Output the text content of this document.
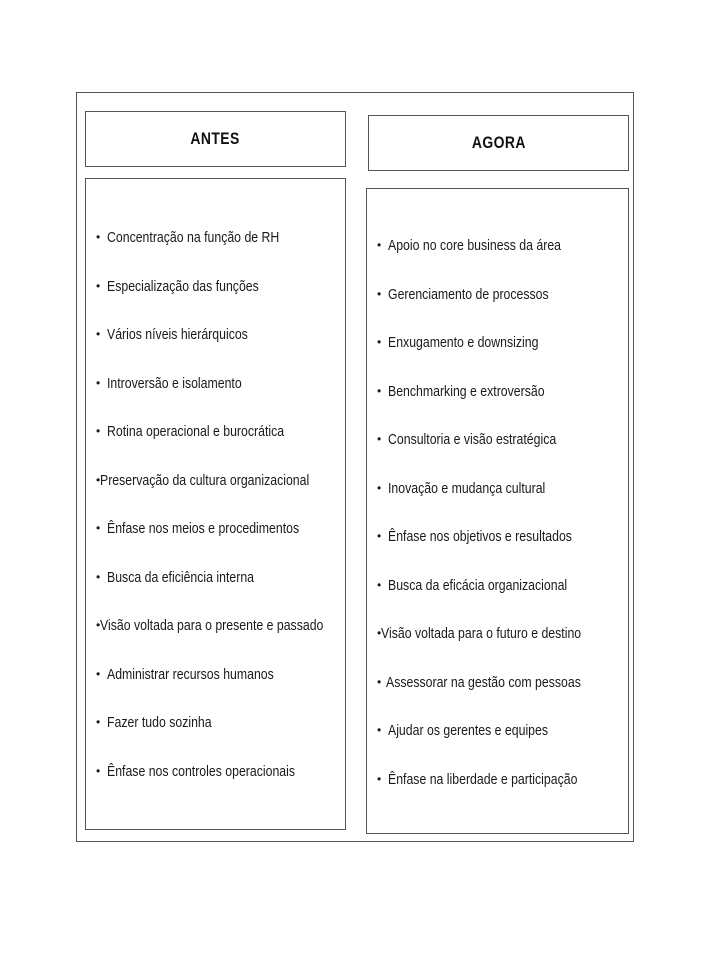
ANTES
• Concentração na função de RH
• Especialização das funções
• Vários níveis hierárquicos
• Introversão e isolamento
• Rotina operacional e burocrática
• Preservação da cultura organizacional
• Ênfase nos meios e procedimentos
• Busca da eficiência interna
• Visão voltada para o presente e passado
• Administrar recursos humanos
• Fazer tudo sozinha
• Ênfase nos controles operacionais
AGORA
• Apoio no core business da área
• Gerenciamento de processos
• Enxugamento e downsizing
• Benchmarking e extroversão
• Consultoria e visão estratégica
• Inovação e mudança cultural
• Ênfase nos objetivos e resultados
• Busca da eficácia organizacional
• Visão voltada para o futuro e destino
• Assessorar na gestão com pessoas
• Ajudar os gerentes e equipes
• Ênfase na liberdade e participação
